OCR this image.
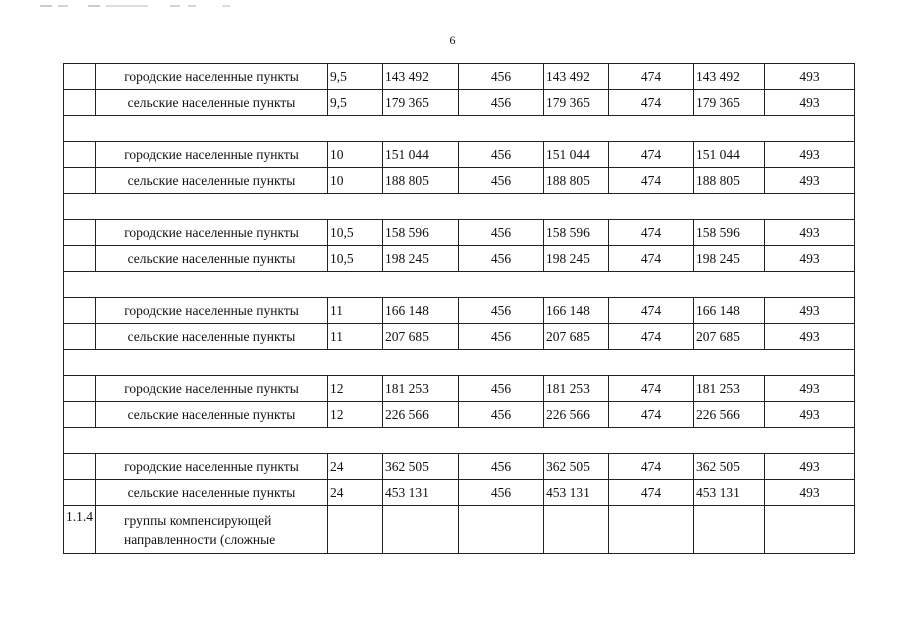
6
	городские населенные пункты	9,5	143 492	456	143 492	474	143 492	493
	сельские населенные пункты	9,5	179 365	456	179 365	474	179 365	493

	городские населенные пункты	10	151 044	456	151 044	474	151 044	493
	сельские населенные пункты	10	188 805	456	188 805	474	188 805	493

	городские населенные пункты	10,5	158 596	456	158 596	474	158 596	493
	сельские населенные пункты	10,5	198 245	456	198 245	474	198 245	493

	городские населенные пункты	11	166 148	456	166 148	474	166 148	493
	сельские населенные пункты	11	207 685	456	207 685	474	207 685	493

	городские населенные пункты	12	181 253	456	181 253	474	181 253	493
	сельские населенные пункты	12	226 566	456	226 566	474	226 566	493

	городские населенные пункты	24	362 505	456	362 505	474	362 505	493
	сельские населенные пункты	24	453 131	456	453 131	474	453 131	493
1.1.4	группы компенсирующей направленности (сложные							
